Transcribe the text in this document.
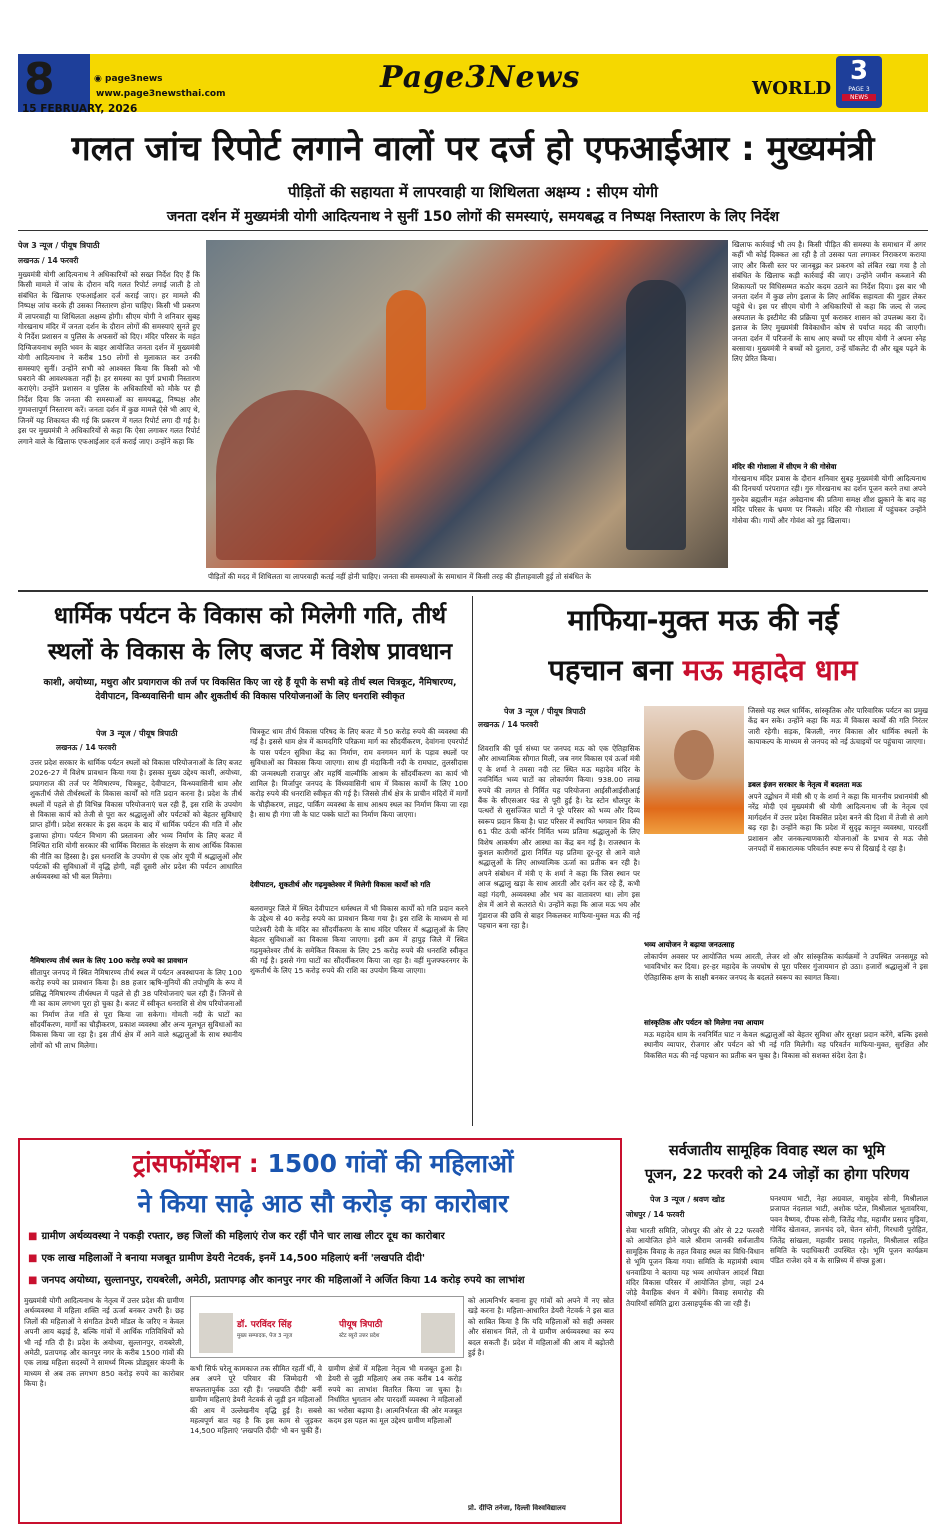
8	◉ page3news
www.page3newsthai.com
15 FEBRUARY, 2026
Page3News	WORLD
3
PAGE 3
NEWS
गलत जांच रिपोर्ट लगाने वालों पर दर्ज हो एफआईआर : मुख्यमंत्री
पीड़ितों की सहायता में लापरवाही या शिथिलता अक्षम्य : सीएम योगी
जनता दर्शन में मुख्यमंत्री योगी आदित्यनाथ ने सुनीं 150 लोगों की समस्याएं, समयबद्ध व निष्पक्ष निस्तारण के लिए निर्देश
पेज 3 न्यूज / पीयूष त्रिपाठी
लखनऊ / 14 फरवरी
मुख्यमंत्री योगी आदित्यनाथ ने अधिकारियों को सख्त निर्देश दिए हैं कि किसी मामले में जांच के दौरान यदि गलत रिपोर्ट लगाई जाती है तो संबंधित के खिलाफ एफआईआर दर्ज कराई जाए। हर मामले की निष्पक्ष जांच करके ही उसका निस्तारण होना चाहिए। किसी भी प्रकरण में लापरवाही या शिथिलता अक्षम्य होगी। सीएम योगी ने शनिवार सुबह गोरखनाथ मंदिर में जनता दर्शन के दौरान लोगों की समस्याएं सुनते हुए ये निर्देश प्रशासन व पुलिस के अफसरों को दिए। मंदिर परिसर के महंत दिग्विजयनाथ स्मृति भवन के बाहर आयोजित जनता दर्शन में मुख्यमंत्री योगी आदित्यनाथ ने करीब 150 लोगों से मुलाकात कर उनकी समस्याएं सुनीं। उन्होंने सभी को आश्वस्त किया कि किसी को भी घबराने की आवश्यकता नहीं है। हर समस्या का पूर्ण प्रभावी निस्तारण कराएंगे। उन्होंने प्रशासन व पुलिस के अधिकारियों को मौके पर ही निर्देश दिया कि जनता की समस्याओं का समयबद्ध, निष्पक्ष और गुणवत्तापूर्ण निस्तारण करें। जनता दर्शन में कुछ मामले ऐसे भी आए थे, जिनमें यह शिकायत की गई कि प्रकरण में गलत रिपोर्ट लगा दी गई है। इस पर मुख्यमंत्री ने अधिकारियों से कहा कि ऐसा लगाकर गलत रिपोर्ट लगाने वाले के खिलाफ एफआईआर दर्ज कराई जाए। उन्होंने कहा कि
पीड़ितों की मदद में शिथिलता या लापरवाही कतई नहीं होनी चाहिए। जनता की समस्याओं के समाधान में किसी तरह की हीलाहवाली हुई तो संबंधित के
खिलाफ कार्रवाई भी तय है। किसी पीड़ित की समस्या के समाधान में अगर कहीं भी कोई दिक्कत आ रही है तो उसका पता लगाकर निराकरण कराया जाए और किसी स्तर पर जानबूझ कर प्रकरण को लंबित रखा गया है तो संबंधित के खिलाफ कड़ी कार्रवाई की जाए। उन्होंने जमीन कब्जाने की शिकायतों पर विधिसम्मत कठोर कदम उठाने का निर्देश दिया। इस बार भी जनता दर्शन में कुछ लोग इलाज के लिए आर्थिक सहायता की गुहार लेकर पहुंचे थे। इस पर सीएम योगी ने अधिकारियों से कहा कि जल्द से जल्द अस्पताल के इस्टीमेट की प्रक्रिया पूर्ण कराकर शासन को उपलब्ध करा दें। इलाज के लिए मुख्यमंत्री विवेकाधीन कोष से पर्याप्त मदद की जाएगी। जनता दर्शन में परिजनों के साथ आए बच्चों पर सीएम योगी ने अपना स्नेह बरसाया। मुख्यमंत्री ने बच्चों को दुलारा, उन्हें चॉकलेट दी और खूब पढ़ने के लिए प्रेरित किया।
मंदिर की गोशाला में सीएम ने की गोसेवा
गोरखनाथ मंदिर प्रवास के दौरान शनिवार सुबह मुख्यमंत्री योगी आदित्यनाथ की दिनचर्या परंपरागत रही। गुरु गोरखनाथ का दर्शन पूजन करने तथा अपने गुरुदेव ब्रह्मलीन महंत अवेद्यनाथ की प्रतिमा समक्ष शीश झुकाने के बाद वह मंदिर परिसर के भ्रमण पर निकले। मंदिर की गोशाला में पहुंचकर उन्होंने गोसेवा की। गायों और गोवंश को गुड़ खिलाया।
धार्मिक पर्यटन के विकास को मिलेगी गति, तीर्थ स्थलों के विकास के लिए बजट में विशेष प्रावधान
काशी, अयोध्या, मथुरा और प्रयागराज की तर्ज पर विकसित किए जा रहे हैं यूपी के सभी बड़े तीर्थ स्थल चित्रकूट, नैमिषारण्य, देवीपाटन, विन्ध्यवासिनी धाम और शुकतीर्थ की विकास परियोजनाओं के लिए धनराशि स्वीकृत
पेज 3 न्यूज / पीयूष त्रिपाठी
लखनऊ / 14 फरवरी
उत्तर प्रदेश सरकार के धार्मिक पर्यटन स्थलों को विकास परियोजनाओं के लिए बजट 2026-27 में विशेष प्रावधान किया गया है। इसका मुख्य उद्देश्य काशी, अयोध्या, प्रयागराज की तर्ज पर नैमिषारण्य, चित्रकूट, देवीपाटन, विन्ध्यवासिनी धाम और शुकतीर्थ जैसे तीर्थस्थलों के विकास कार्यों को गति प्रदान करना है। प्रदेश के तीर्थ स्थलों में पहले से ही विभिन्न विकास परियोजनाएं चल रही हैं, इस राशि के उपयोग से विकास कार्य को तेजी से पूरा कर श्रद्धालुओं और पर्यटकों को बेहतर सुविधाएं प्राप्त होंगी। प्रदेश सरकार के इस कदम के बाद में धार्मिक पर्यटन की गति में और इजाफा होगा। पर्यटन विभाग की प्रस्तावना और भव्य निर्माण के लिए बजट में निश्चित राशि योगी सरकार की धार्मिक विरासत के संरक्षण के साथ आर्थिक विकास की नीति का हिस्सा है। इस धनराशि के उपयोग से एक ओर यूपी में श्रद्धालुओं और पर्यटकों की सुविधाओं में वृद्धि होगी, वहीं दूसरी ओर प्रदेश की पर्यटन आधारित अर्थव्यवस्था को भी बल मिलेगा।
नैमिषारण्य तीर्थ स्थल के लिए 100 करोड़ रुपये का प्रावधान
सीतापुर जनपद में स्थित नैमिषारण्य तीर्थ स्थल में पर्यटन अवस्थापना के लिए 100 करोड़ रुपये का प्रावधान किया है। 88 हजार ऋषि-मुनियों की तपोभूमि के रूप में प्रसिद्ध नैमिषारण्य तीर्थस्थल में पहले से ही 38 परियोजनाएं चल रही हैं। जिनमें से गी का काम लगभग पूरा हो चुका है। बजट में स्वीकृत धनराशि से शेष परियोजनाओं का निर्माण तेज गति से पूरा किया जा सकेगा। गोमती नदी के घाटों का सौंदर्यीकरण, मार्गों का चौड़ीकरण, प्रकाश व्यवस्था और अन्य मूलभूत सुविधाओं का विकास किया जा रहा है। इस तीर्थ क्षेत्र में आने वाले श्रद्धालुओं के साथ स्थानीय लोगों को भी लाभ मिलेगा।
चित्रकूट धाम तीर्थ विकास परिषद के लिए बजट में 50 करोड़ रुपये की व्यवस्था की गई है। इससे धाम क्षेत्र में कामदगिरि परिक्रमा मार्ग का सौंदर्यीकरण, देवांगना एयरपोर्ट के पास पर्यटन सुविधा केंद्र का निर्माण, राम वनगमन मार्ग के पड़ाव स्थलों पर सुविधाओं का विकास किया जाएगा। साथ ही मंदाकिनी नदी के रामघाट, तुलसीदास की जन्मस्थली राजापुर और महर्षि वाल्मीकि आश्रम के सौंदर्यीकरण का कार्य भी शामिल है। मिर्जापुर जनपद के विंध्यवासिनी धाम में विकास कार्यों के लिए 100 करोड़ रुपये की धनराशि स्वीकृत की गई है। जिससे तीर्थ क्षेत्र के प्राचीन मंदिरों में मार्गों के चौड़ीकरण, लाइट, पार्किंग व्यवस्था के साथ आश्रय स्थल का निर्माण किया जा रहा है। साथ ही गंगा जी के घाट पक्के घाटों का निर्माण किया जाएगा।
देवीपाटन, शुकतीर्थ और गढ़मुक्तेश्वर में मिलेगी विकास कार्यों को गति
बलरामपुर जिले में स्थित देवीपाटन धर्मस्थल में भी विकास कार्यों को गति प्रदान करने के उद्देश्य से 40 करोड़ रुपये का प्रावधान किया गया है। इस राशि के माध्यम से मां पाटेश्वरी देवी के मंदिर का सौंदर्यीकरण के साथ मंदिर परिसर में श्रद्धालुओं के लिए बेहतर सुविधाओं का विकास किया जाएगा। इसी क्रम में हापुड़ जिले में स्थित गढ़मुक्तेश्वर तीर्थ के समेकित विकास के लिए 25 करोड़ रुपये की धनराशि स्वीकृत की गई है। इससे गंगा घाटों का सौंदर्यीकरण किया जा रहा है। वहीं मुजफ्फरनगर के शुकतीर्थ के लिए 15 करोड़ रुपये की राशि का उपयोग किया जाएगा।
माफिया-मुक्त मऊ की नई
पहचान बना मऊ महादेव धाम
पेज 3 न्यूज / पीयूष त्रिपाठी
लखनऊ / 14 फरवरी
शिवरात्रि की पूर्व संध्या पर जनपद मऊ को एक ऐतिहासिक और आध्यात्मिक सौगात मिली, जब नगर विकास एवं ऊर्जा मंत्री ए के शर्मा ने तमसा नदी तट स्थित मऊ महादेव मंदिर के नवनिर्मित भव्य घाटों का लोकार्पण किया। 938.00 लाख रुपये की लागत से निर्मित यह परियोजना आईसीआईसीआई बैंक के सीएसआर फंड से पूरी हुई है। रेड स्टोन धौलपुर के पत्थरों से सुसज्जित घाटों ने पूरे परिसर को भव्य और दिव्य स्वरूप प्रदान किया है। घाट परिसर में स्थापित भगवान शिव की 61 फीट ऊंची कॉर्नर निर्मित भव्य प्रतिमा श्रद्धालुओं के लिए विशेष आकर्षण और आस्था का केंद्र बन गई है। राजस्थान के कुशल कारीगरों द्वारा निर्मित यह प्रतिमा दूर-दूर से आने वाले श्रद्धालुओं के लिए आध्यात्मिक ऊर्जा का प्रतीक बन रही है। अपने संबोधन में मंत्री ए के शर्मा ने कहा कि जिस स्थान पर आज श्रद्धालु खड़ा के साथ आरती और दर्शन कर रहे हैं, कभी वहां गंदगी, अव्यवस्था और भय का वातावरण था। लोग इस क्षेत्र में आने से कतराते थे। उन्होंने कहा कि आज मऊ भय और गुंडाराज की छवि से बाहर निकलकर माफिया-मुक्त मऊ की नई पहचान बना रहा है।
जिससे यह स्थल धार्मिक, सांस्कृतिक और पारिवारिक पर्यटन का प्रमुख केंद्र बन सके। उन्होंने कहा कि मऊ में विकास कार्यों की गति निरंतर जारी रहेगी। सड़क, बिजली, नगर विकास और धार्मिक स्थलों के कायाकल्प के माध्यम से जनपद को नई ऊंचाइयों पर पहुंचाया जाएगा।
डबल इंजन सरकार के नेतृत्व में बदलता मऊ
अपने उद्बोधन में मंत्री श्री ए के शर्मा ने कहा कि माननीय प्रधानमंत्री श्री नरेंद्र मोदी एवं मुख्यमंत्री श्री योगी आदित्यनाथ जी के नेतृत्व एवं मार्गदर्शन में उत्तर प्रदेश विकसित प्रदेश बनने की दिशा में तेजी से आगे बढ़ रहा है। उन्होंने कहा कि प्रदेश में सुदृढ़ कानून व्यवस्था, पारदर्शी प्रशासन और जनकल्याणकारी योजनाओं के प्रभाव से मऊ जैसे जनपदों में सकारात्मक परिवर्तन स्पष्ट रूप से दिखाई दे रहा है।
भव्य आयोजन ने बढ़ाया जनउत्साह
लोकार्पण अवसर पर आयोजित भव्य आरती, लेजर शो और सांस्कृतिक कार्यक्रमों ने उपस्थित जनसमूह को भावविभोर कर दिया। हर-हर महादेव के जयघोष से पूरा परिसर गुंजायमान हो उठा। हजारों श्रद्धालुओं ने इस ऐतिहासिक क्षण के साक्षी बनकर जनपद के बदलते स्वरूप का स्वागत किया।
सांस्कृतिक और पर्यटन को मिलेगा नया आयाम
मऊ महादेव धाम के नवनिर्मित घाट न केवल श्रद्धालुओं को बेहतर सुविधा और सुरक्षा प्रदान करेंगे, बल्कि इससे स्थानीय व्यापार, रोजगार और पर्यटन को भी नई गति मिलेगी। यह परिवर्तन माफिया-मुक्त, सुरक्षित और विकसित मऊ की नई पहचान का प्रतीक बन चुका है। विकास को सशक्त संदेश देता है।
ट्रांसफॉर्मेशन : 1500 गांवों की महिलाओं
ने किया साढ़े आठ सौ करोड़ का कारोबार
■ ग्रामीण अर्थव्यवस्था ने पकड़ी रफ्तार, छह जिलों की महिलाएं रोज कर रहीं पौने चार लाख लीटर दूध का कारोबार
■ एक लाख महिलाओं ने बनाया मजबूत ग्रामीण डेयरी नेटवर्क, इनमें 14,500 महिलाएं बनीं 'लखपति दीदी'
■ जनपद अयोध्या, सुल्तानपुर, रायबरेली, अमेठी, प्रतापगढ़ और कानपुर नगर की महिलाओं ने अर्जित किया 14 करोड़ रुपये का लाभांश
मुख्यमंत्री योगी आदित्यनाथ के नेतृत्व में उत्तर प्रदेश की ग्रामीण अर्थव्यवस्था में महिला शक्ति नई ऊर्जा बनकर उभरी है। छह जिलों की महिलाओं ने संगठित डेयरी मॉडल के जरिए न केवल अपनी आय बढ़ाई है, बल्कि गांवों में आर्थिक गतिविधियों को भी नई गति दी है। प्रदेश के अयोध्या, सुल्तानपुर, रायबरेली, अमेठी, प्रतापगढ़ और कानपुर नगर के करीब 1500 गांवों की एक लाख महिला सदस्यों ने सामर्थ्य मिल्क प्रोड्यूसर कंपनी के माध्यम से अब तक लगभग 850 करोड़ रुपये का कारोबार किया है।
स्पेशल रिपोर्ट
डॉ. परविंदर सिंह
मुख्य सम्पादक, पेज 3 न्यूज
पीयूष त्रिपाठी
स्टेट ब्यूरो उत्तर प्रदेश
कभी सिर्फ घरेलू कामकाज तक सीमित रहतीं थीं, वे अब अपने पूरे परिवार की जिम्मेदारी भी सफलतापूर्वक उठा रही हैं। 'लखपति दीदी' बनीं ग्रामीण महिलाएं डेयरी नेटवर्क से जुड़ी इन महिलाओं की आय में उल्लेखनीय वृद्धि हुई है। सबसे महत्वपूर्ण बात यह है कि इस काम से जुड़कर 14,500 महिलाएं 'लखपति दीदी' भी बन चुकी हैं।
ग्रामीण क्षेत्रों में महिला नेतृत्व भी मजबूत हुआ है। डेयरी से जुड़ी महिलाएं अब तक करीब 14 करोड़ रुपये का लाभांश वितरित किया जा चुका है। निर्धारित भुगतान और पारदर्शी व्यवस्था ने महिलाओं का भरोसा बढ़ाया है। आत्मनिर्भरता की ओर मजबूत कदम इस पहल का मूल उद्देश्य ग्रामीण महिलाओं
को आत्मनिर्भर बनाना हुए गांवों को अपने में नए स्रोत खड़े करना है। महिला-आधारित डेयरी नेटवर्क ने इस बात को साबित किया है कि यदि महिलाओं को सही अवसर और संसाधन मिलें, तो वे ग्रामीण अर्थव्यवस्था का रूप बदल सकती हैं। प्रदेश में महिलाओं की आय में बढ़ोतरी हुई है।
प्रो. दीप्ति तनेजा, दिल्ली विश्वविद्यालय
सर्वजातीय सामूहिक विवाह स्थल का भूमि
पूजन, 22 फरवरी को 24 जोड़ों का होगा परिणय
पेज 3 न्यूज / श्रवण खोड
जोधपुर / 14 फरवरी
सेवा भारती समिति, जोधपुर की ओर से 22 फरवरी को आयोजित होने वाले श्रीराम जानकी सर्वजातीय सामूहिक विवाह के तहत विवाह स्थल का विधि-विधान से भूमि पूजन किया गया। समिति के महामंत्री श्याम धनवाडिया ने बताया यह भव्य आयोजन आदर्श विद्या मंदिर विकास परिसर में आयोजित होगा, जहां 24 जोड़े वैवाहिक बंधन में बंधेंगे। विवाह समारोह की तैयारियाँ समिति द्वारा उत्साहपूर्वक की जा रही हैं।
घनश्याम भाटी, नेहा अग्रवाल, वासुदेव सोनी, मिश्रीलाल प्रजापत नंदलाल भाटी, अशोक पटेल, मिश्रीलाल भूतावरिया, पवन वैष्णव, दीपक सोनी, जितेंद्र गौड़, महावीर प्रसाद मुड़िया, गोविंद खेतावत, ज्ञानचंद दवे, चेतन सोनी, गिरधारी पुरोहित, जितेंद्र सांखला, महावीर प्रसाद गहलोत, मिश्रीलाल सहित समिति के पदाधिकारी उपस्थित रहे। भूमि पूजन कार्यक्रम पंडित राजेश दवे व के सान्निध्य में संपन्न हुआ।
